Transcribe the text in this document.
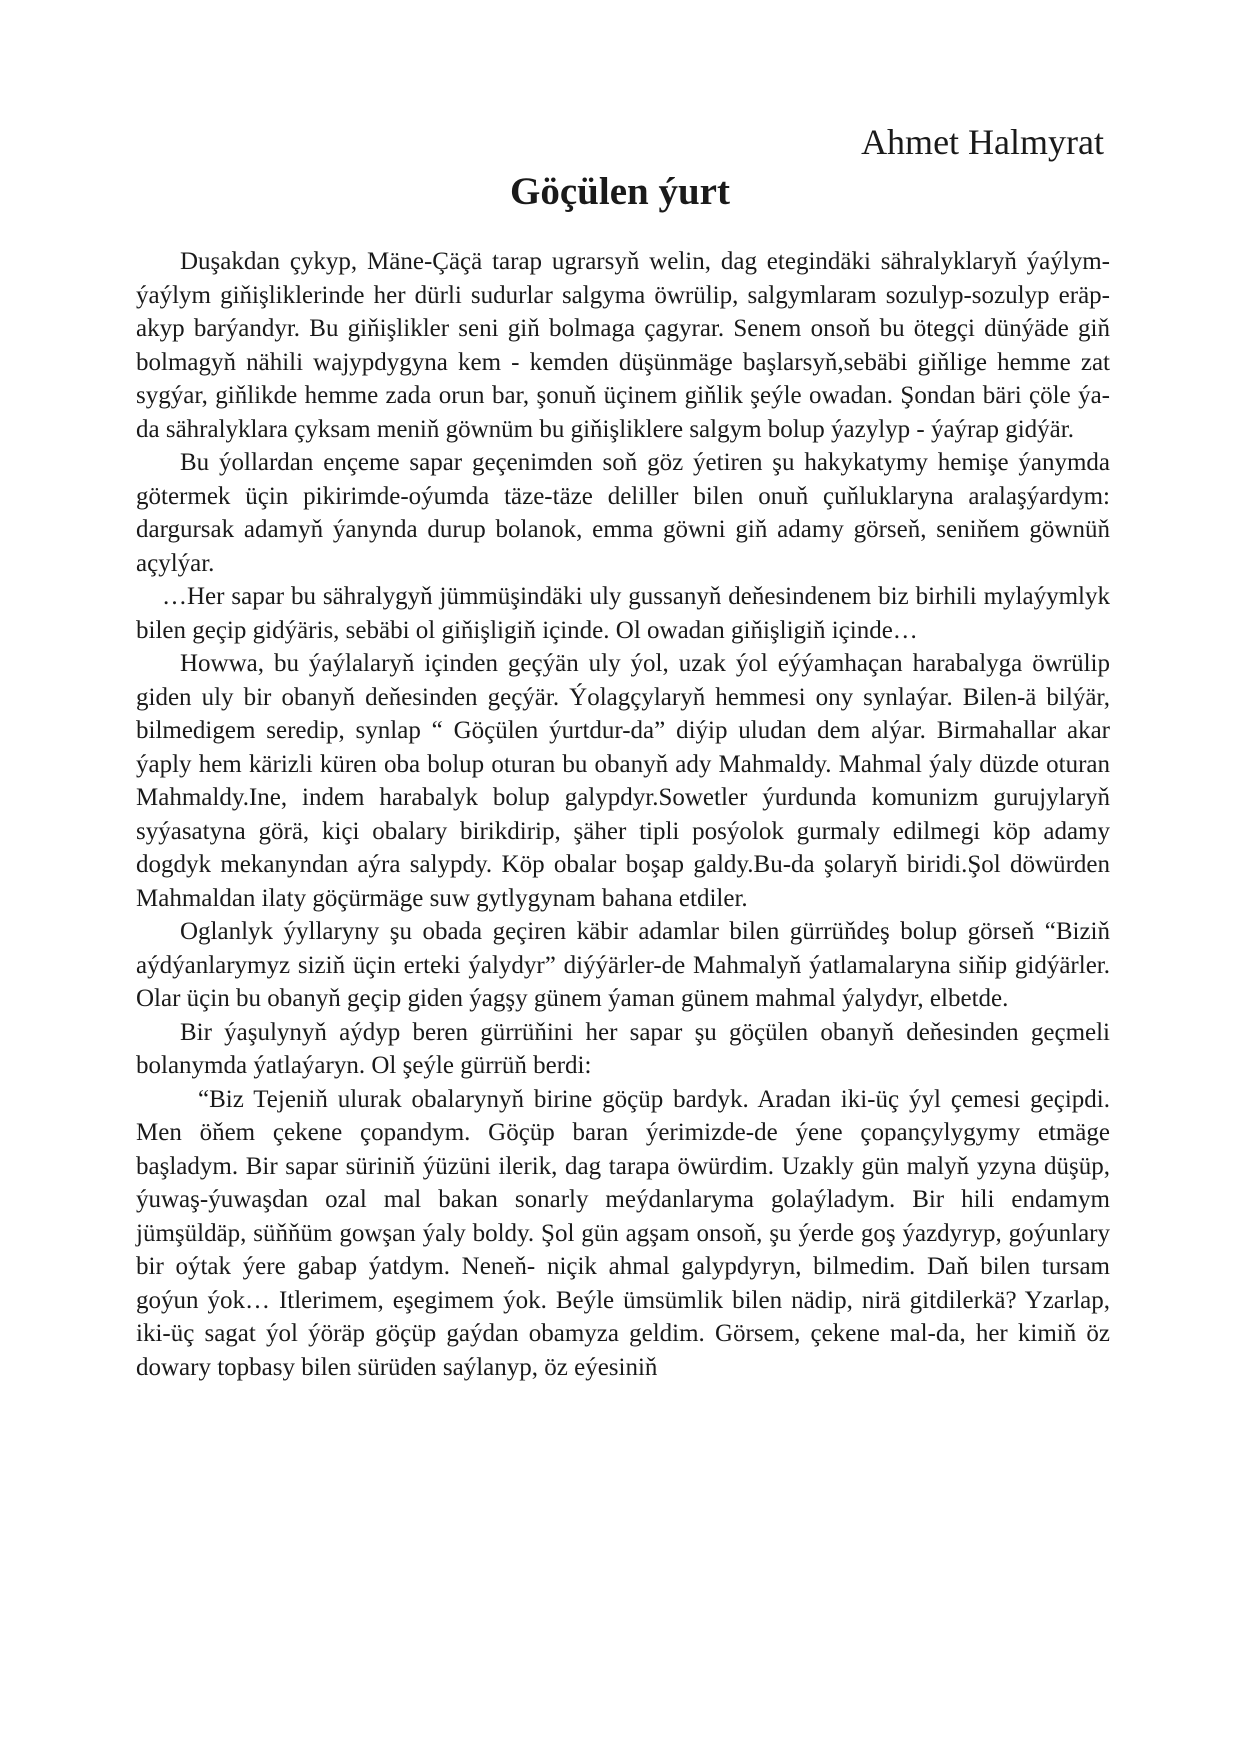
Ahmet Halmyrat
Göçülen ýurt

Duşakdan çykyp, Mäne-Çäçä tarap ugrarsyň welin, dag etegindäki sähralyklaryň ýaýlym-ýaýlym giňişliklerinde her dürli sudurlar salgyma öwrülip, salgymlaram sozulyp-sozulyp eräp-akyp barýandyr. Bu giňişlikler seni giň bolmaga çagyrar. Senem onsoň bu ötegçi dünýäde giň bolmagyň nähili wajypdygyna kem - kemden düşünmäge başlarsyň,sebäbi giňlige hemme zat sygýar, giňlikde hemme zada orun bar, şonuň üçinem giňlik şeýle owadan. Şondan bäri çöle ýa-da sähralyklara çyksam meniň göwnüm bu giňişliklere salgym bolup ýazylyp - ýaýrap gidýär.

Bu ýollardan ençeme sapar geçenimden soň göz ýetiren şu hakykatymy hemişe ýanymda götermek üçin pikirimde-oýumda täze-täze deliller bilen onuň çuňluklaryna aralaşýardym: dargursak adamyň ýanynda durup bolanok, emma göwni giň adamy görseň, seniňem göwnüň açylýar.

…Her sapar bu sähralygyň jümmüşindäki uly gussanyň deňesindenem biz birhili mylaýymlyk bilen geçip gidýäris, sebäbi ol giňişligiň içinde. Ol owadan giňişligiň içinde…

Howwa, bu ýaýlalaryň içinden geçýän uly ýol, uzak ýol eýýamhaçan harabalyga öwrülip giden uly bir obanyň deňesinden geçýär. Ýolagçylaryň hemmesi ony synlaýar. Bilen-ä bilýär, bilmedigem seredip, synlap “ Göçülen ýurtdur-da” diýip uludan dem alýar. Birmahallar akar ýaply hem kärizli küren oba bolup oturan bu obanyň ady Mahmaldy. Mahmal ýaly düzde oturan Mahmaldy.Ine, indem harabalyk bolup galypdyr.Sowetler ýurdunda komunizm gurujylaryň syýasatyna görä, kiçi obalary birikdirip, şäher tipli posýolok gurmaly edilmegi köp adamy dogdyk mekanyndan aýra salypdy. Köp obalar boşap galdy.Bu-da şolaryň biridi.Şol döwürden Mahmaldan ilaty göçürmäge suw gytlygynam bahana etdiler.

Oglanlyk ýyllaryny şu obada geçiren käbir adamlar bilen gürrüňdeş bolup görseň “Biziň aýdýanlarymyz siziň üçin erteki ýalydyr” diýýärler-de Mahmalyň ýatlamalaryna siňip gidýärler. Olar üçin bu obanyň geçip giden ýagşy günem ýaman günem mahmal ýalydyr, elbetde.

Bir ýaşulynyň aýdyp beren gürrüňini her sapar şu göçülen obanyň deňesinden geçmeli bolanymda ýatlaýaryn. Ol şeýle gürrüň berdi:

“Biz Tejeniň ulurak obalarynyň birine göçüp bardyk. Aradan iki-üç ýyl çemesi geçipdi. Men öňem çekene çopandym. Göçüp baran ýerimizde-de ýene çopançylygymy etmäge başladym. Bir sapar süriniň ýüzüni ilerik, dag tarapa öwürdim. Uzakly gün malyň yzyna düşüp, ýuwaş-ýuwaşdan ozal mal bakan sonarly meýdanlaryma golaýladym. Bir hili endamym jümşüldäp, süňňüm gowşan ýaly boldy. Şol gün agşam onsoň, şu ýerde goş ýazdyryp, goýunlary bir oýtak ýere gabap ýatdym. Neneň- niçik ahmal galypdyryn, bilmedim. Daň bilen tursam goýun ýok… Itlerimem, eşegimem ýok. Beýle ümsümlik bilen nädip, nirä gitdilerkä? Yzarlap, iki-üç sagat ýol ýöräp göçüp gaýdan obamyza geldim. Görsem, çekene mal-da, her kimiň öz dowary topbasy bilen sürüden saýlanyp, öz eýesiniň
